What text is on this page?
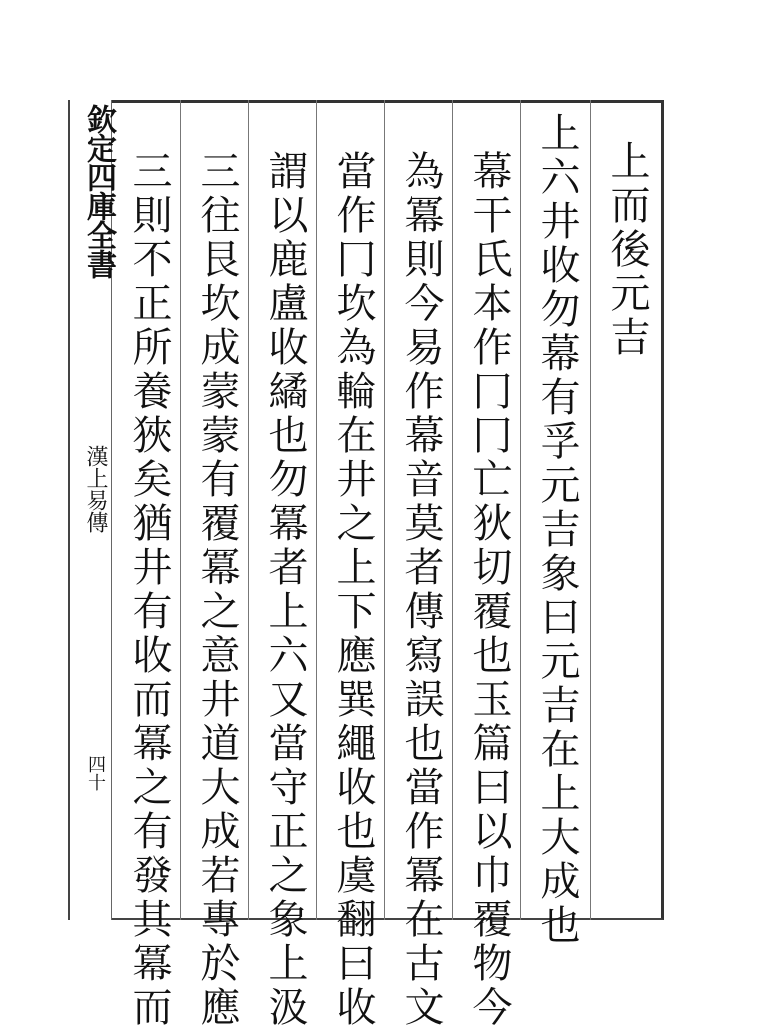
欽定四庫全書
漢上易傳
四十
上而後元吉
上六井收勿幕有孚元吉象曰元吉在上大成也
幕干氏本作冂冂亡狄切覆也玉篇曰以巾覆物今
為冪則今易作幕音莫者傳寫誤也當作冪在古文
當作冂坎為輪在井之上下應巽繩收也虞翻曰收
謂以鹿盧收繘也勿冪者上六又當守正之象上汲
三往艮坎成蒙蒙有覆冪之意井道大成若專於應
三則不正所養狹矣猶井有收而冪之有發其冪而
